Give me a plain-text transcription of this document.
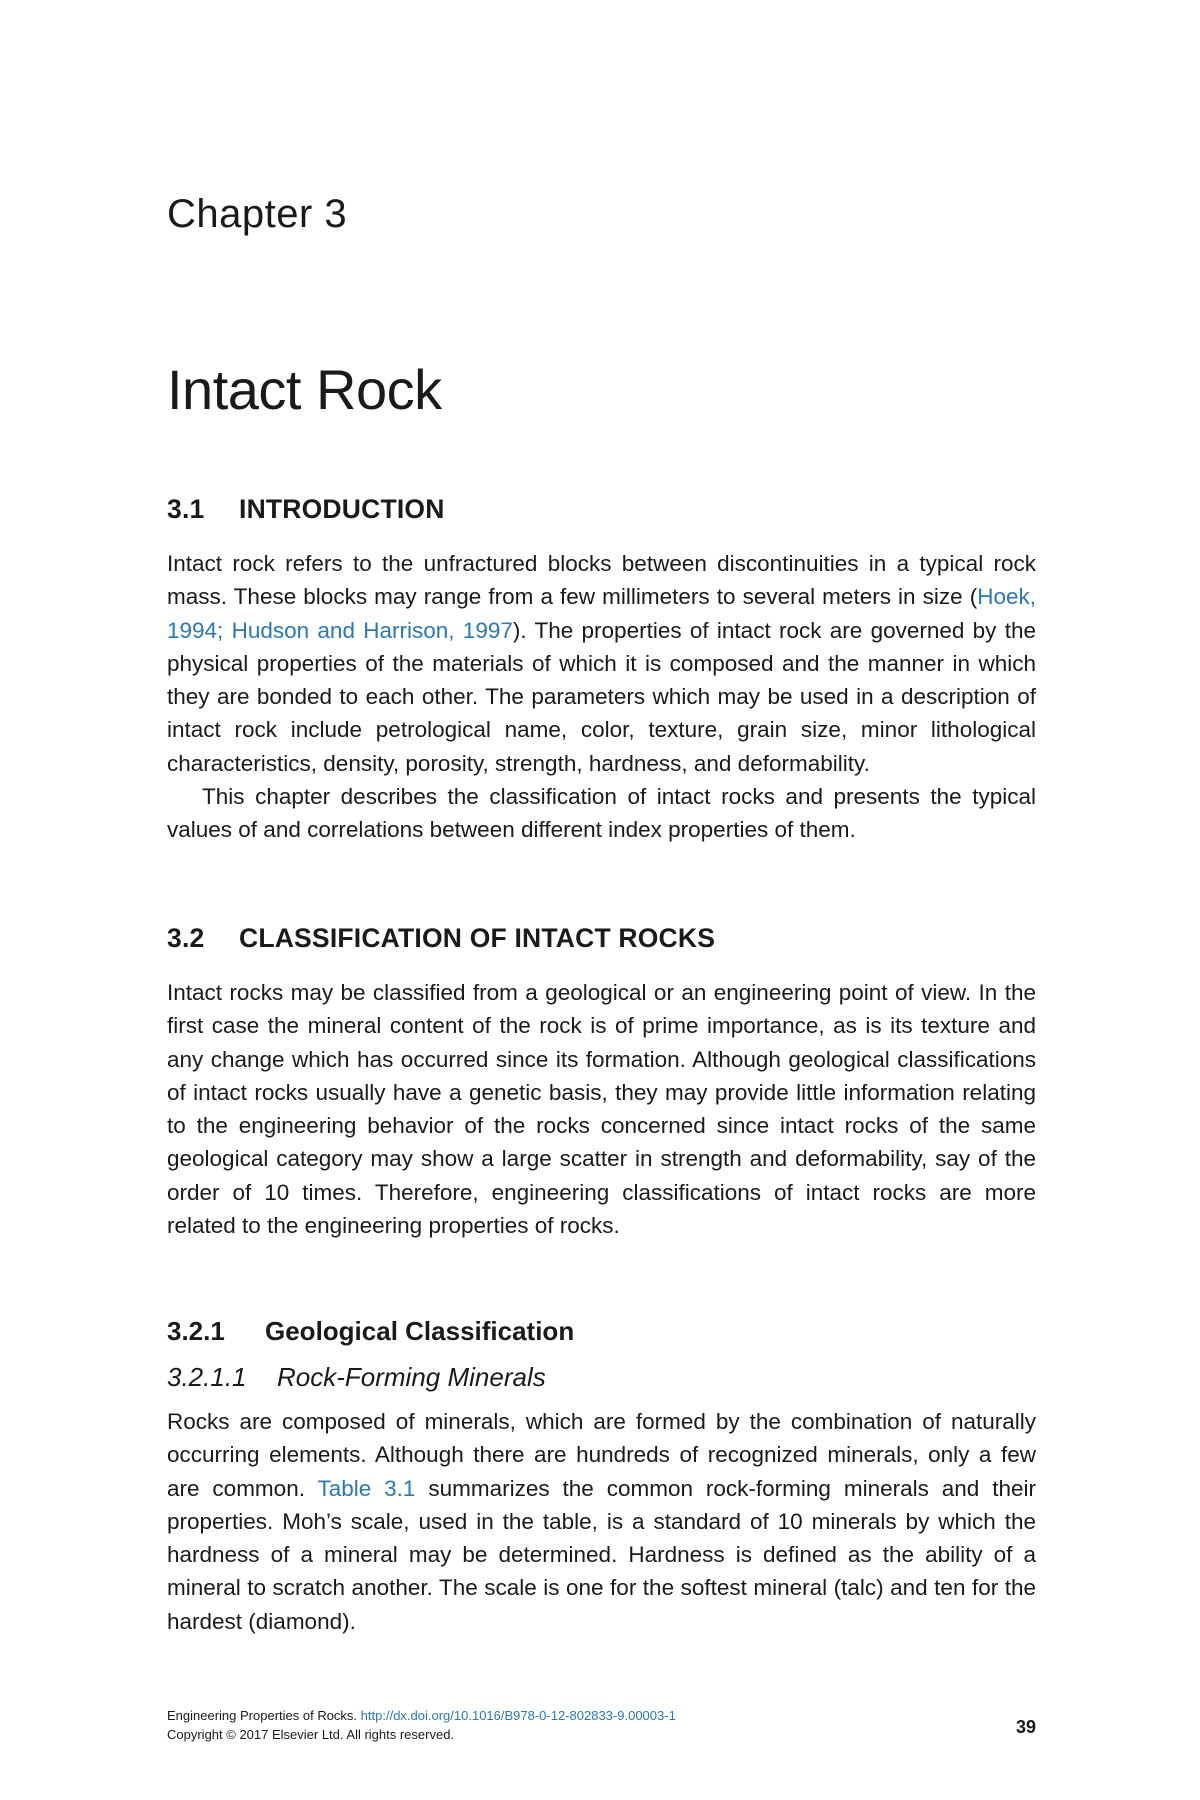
Chapter 3
Intact Rock
3.1 INTRODUCTION

Intact rock refers to the unfractured blocks between discontinuities in a typical rock mass. These blocks may range from a few millimeters to several meters in size (Hoek, 1994; Hudson and Harrison, 1997). The properties of intact rock are governed by the physical properties of the materials of which it is composed and the manner in which they are bonded to each other. The parameters which may be used in a description of intact rock include petrological name, color, texture, grain size, minor lithological characteristics, density, porosity, strength, hardness, and deformability.

This chapter describes the classification of intact rocks and presents the typical values of and correlations between different index properties of them.

3.2 CLASSIFICATION OF INTACT ROCKS

Intact rocks may be classified from a geological or an engineering point of view. In the first case the mineral content of the rock is of prime importance, as is its texture and any change which has occurred since its formation. Although geological classifications of intact rocks usually have a genetic basis, they may provide little information relating to the engineering behavior of the rocks concerned since intact rocks of the same geological category may show a large scatter in strength and deformability, say of the order of 10 times. Therefore, engineering classifications of intact rocks are more related to the engineering properties of rocks.

3.2.1 Geological Classification
3.2.1.1 Rock-Forming Minerals

Rocks are composed of minerals, which are formed by the combination of naturally occurring elements. Although there are hundreds of recognized minerals, only a few are common. Table 3.1 summarizes the common rock-forming minerals and their properties. Moh’s scale, used in the table, is a standard of 10 minerals by which the hardness of a mineral may be determined. Hardness is defined as the ability of a mineral to scratch another. The scale is one for the softest mineral (talc) and ten for the hardest (diamond).

Engineering Properties of Rocks. http://dx.doi.org/10.1016/B978-0-12-802833-9.00003-1
Copyright © 2017 Elsevier Ltd. All rights reserved.	39
